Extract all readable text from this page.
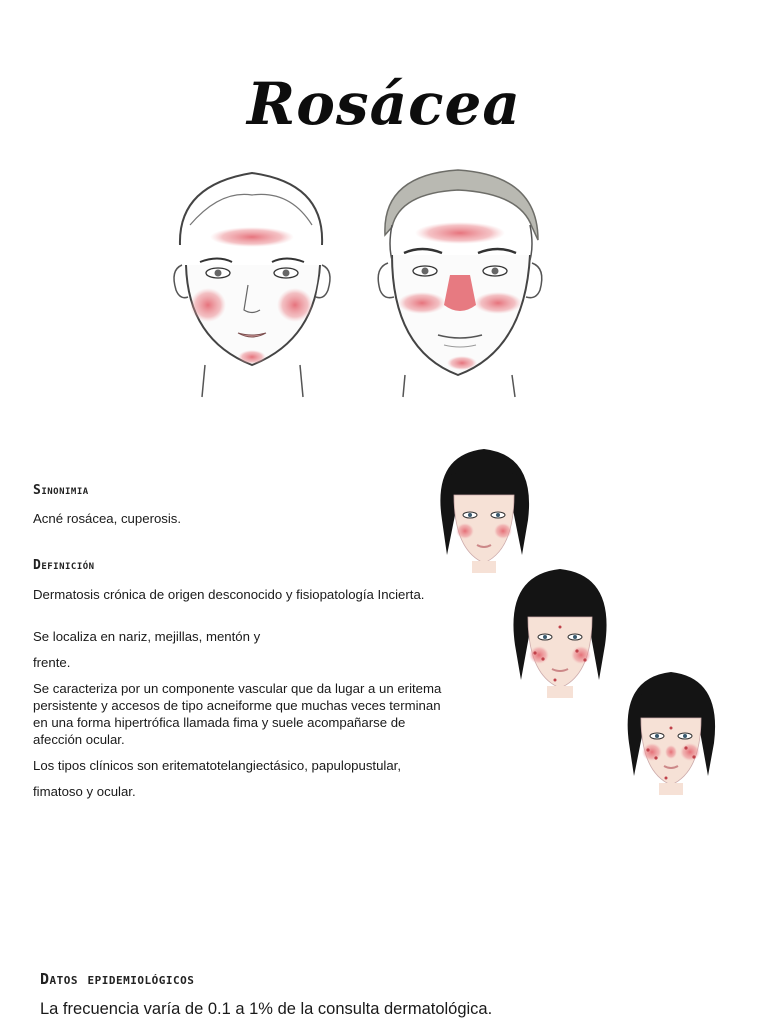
Rosácea
Sinonimia
Acné rosácea, cuperosis.
Definición
Dermatosis crónica de origen desconocido y fisiopatología Incierta.
Se localiza en nariz, mejillas, mentón y
frente.
Se caracteriza por un componente vascular que da lugar a un eritema persistente y accesos de tipo acneiforme que muchas veces terminan en una forma hipertrófica llamada fima y suele acompañarse de afección ocular.
Los tipos clínicos son eritematotelangiectásico, papulopustular,
fimatoso y ocular.
Datos epidemiológicos
La frecuencia varía de 0.1 a 1% de la consulta dermatológica.
